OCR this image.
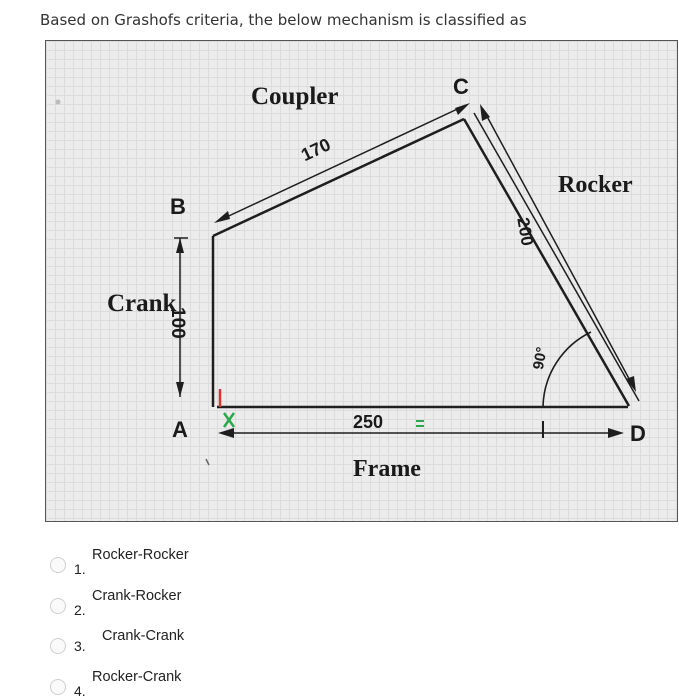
Based on Grashofs criteria, the below mechanism is classified as
Coupler
Rocker
Crank
Frame
A
B
C
D
170
200
100
250
90°
1.
Rocker-Rocker
2.
Crank-Rocker
3.
Crank-Crank
4.
Rocker-Crank
